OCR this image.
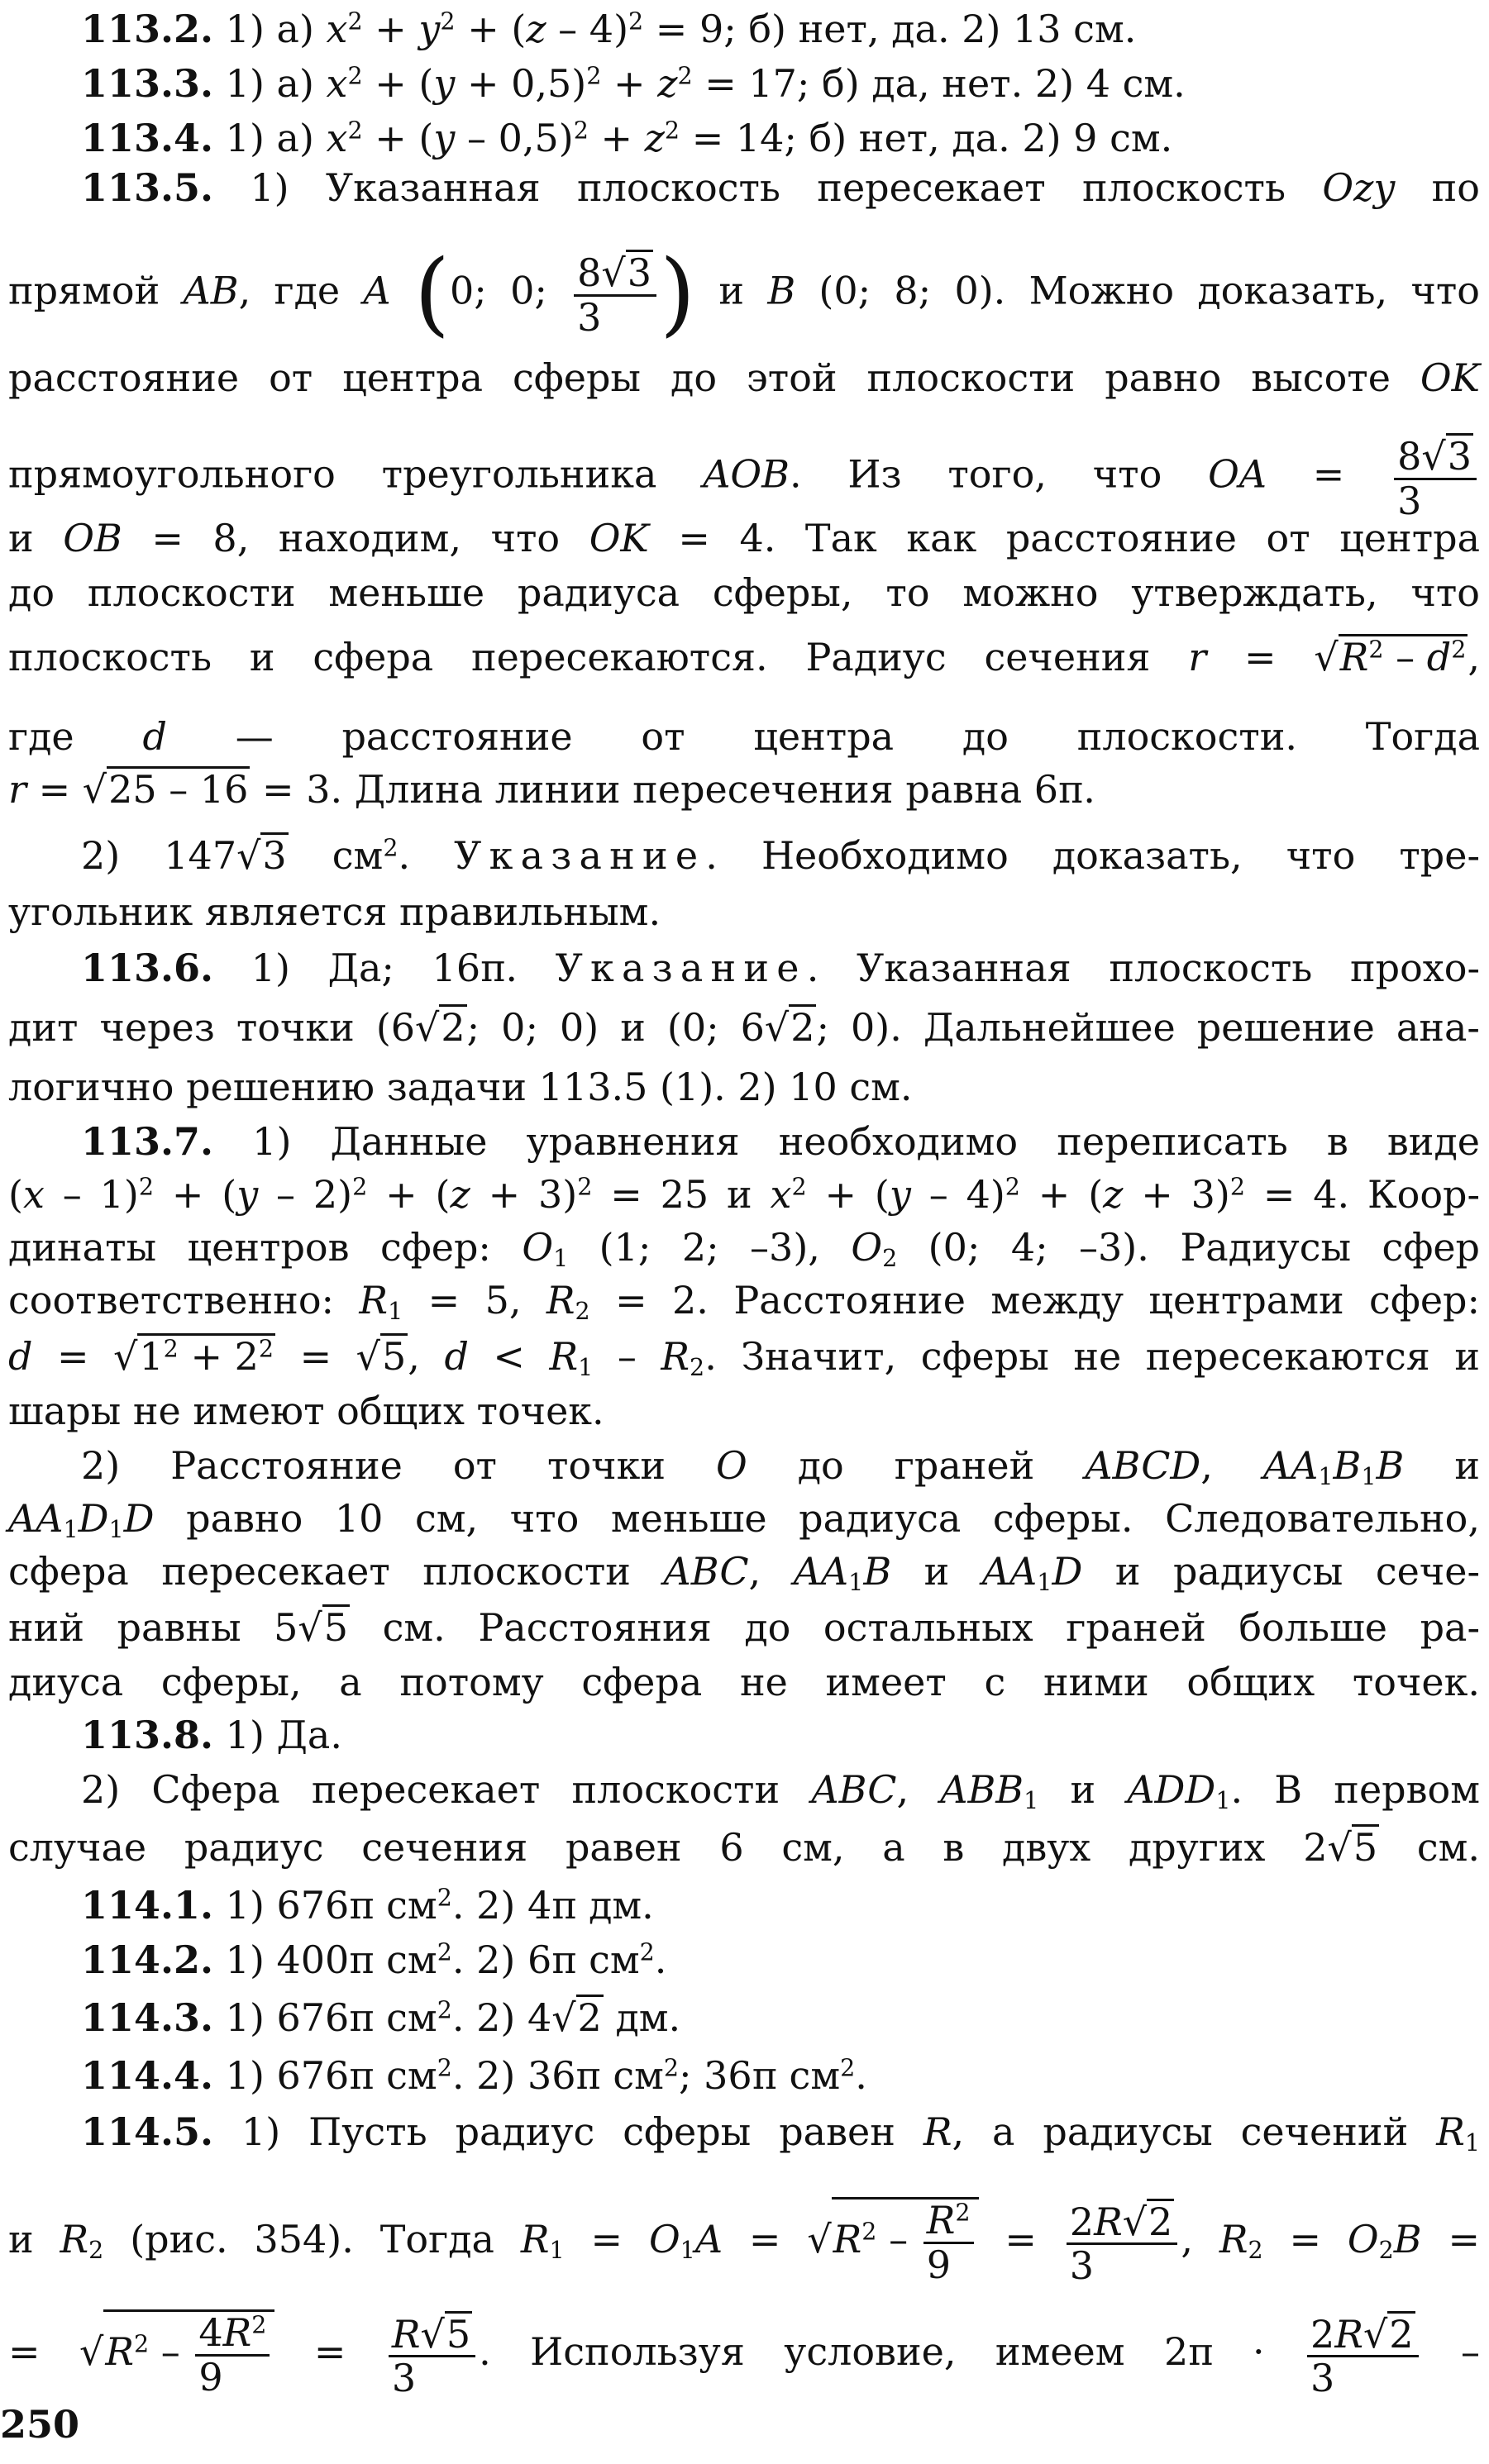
113.2. 1) а) $x^2 + y^2 + (z - 4)^2 = 9$; б) нет, да. 2) 13 см.
113.3. 1) а) $x^2 + (y + 0,5)^2 + z^2 = 17$; б) да, нет. 2) 4 см.
113.4. 1) а) $x^2 + (y - 0,5)^2 + z^2 = 14$; б) нет, да. 2) 9 см.
113.5. 1) Указанная плоскость пересекает плоскость Ozy по
прямой AB, где A (0; 0; $\frac{8√3}{3}$ ) и B (0; 8; 0). Можно доказать, что
расстояние от центра сферы до этой плоскости равно высоте OK
прямоугольного треугольника AOB. Из того, что OA = $\frac{8√3}{3}$
и OB = 8, находим, что OK = 4. Так как расстояние от центра
до плоскости меньше радиуса сферы, то можно утверждать, что
плоскость и сфера пересекаются. Радиус сечения $r = √R^2 - d^2$,
где d — расстояние от центра до плоскости. Тогда
r = √25 – 16 = 3. Длина линии пересечения равна 6π.
2) 147√3 $см^2$. Указание. Необходимо доказать, что тре-
угольник является правильным.
113.6. 1) Да; 16π. Указание. Указанная плоскость прохо-
дит через точки (6√2; 0; 0) и (0; 6√2; 0). Дальнейшее решение ана-
логично решению задачи 113.5 (1). 2) 10 см.
113.7. 1) Данные уравнения необходимо переписать в виде
$(x - 1)^2 + (y - 2)^2 + (z + 3)^2 = 25$ и $x^2 + (y - 4)^2 + (z + 3)^2 = 4$. Коор-
динаты центров сфер: $O_1$ (1; 2; –3), $O_2$ (0; 4; –3). Радиусы сфер
соответственно: $R_1 = 5$, $R_2 = 2$. Расстояние между центрами сфер:
$d = √1^2 + 2^2 = √5$, $d < R_1 - R_2$. Значит, сферы не пересекаются и
шары не имеют общих точек.
2) Расстояние от точки O до граней ABCD, $AA_1B_1B$ и
$AA_1D_1D$ равно 10 см, что меньше радиуса сферы. Следовательно,
сфера пересекает плоскости ABC, $AA_1B$ и $AA_1D$ и радиусы сече-
ний равны 5√5 см. Расстояния до остальных граней больше ра-
диуса сферы, а потому сфера не имеет с ними общих точек.
113.8. 1) Да.
2) Сфера пересекает плоскости ABC, $ABB_1$ и $ADD_1$. В первом
случае радиус сечения равен 6 см, а в двух других 2√5 см.
114.1. 1) 676π $см^2$. 2) 4π дм.
114.2. 1) 400π $см^2$. 2) 6π $см^2$.
114.3. 1) 676π $см^2$. 2) 4√2 дм.
114.4. 1) 676π $см^2$. 2) 36π $см^2$; 36π $см^2$.
114.5. 1) Пусть радиус сферы равен R, а радиусы сечений $R_1$
и $R_2$ (рис. 354). Тогда $R_1 = O_1A = √R^2 - \frac{R^2}{9} = \frac{2R√2}{3}$ , $R_2 = O_2B$ =
= $√R^2 - \frac{4R^2}{9} = \frac{R√5}{3}$ . Используя условие, имеем $2\pi \cdot \frac{2R√2}{3}$ –
250
